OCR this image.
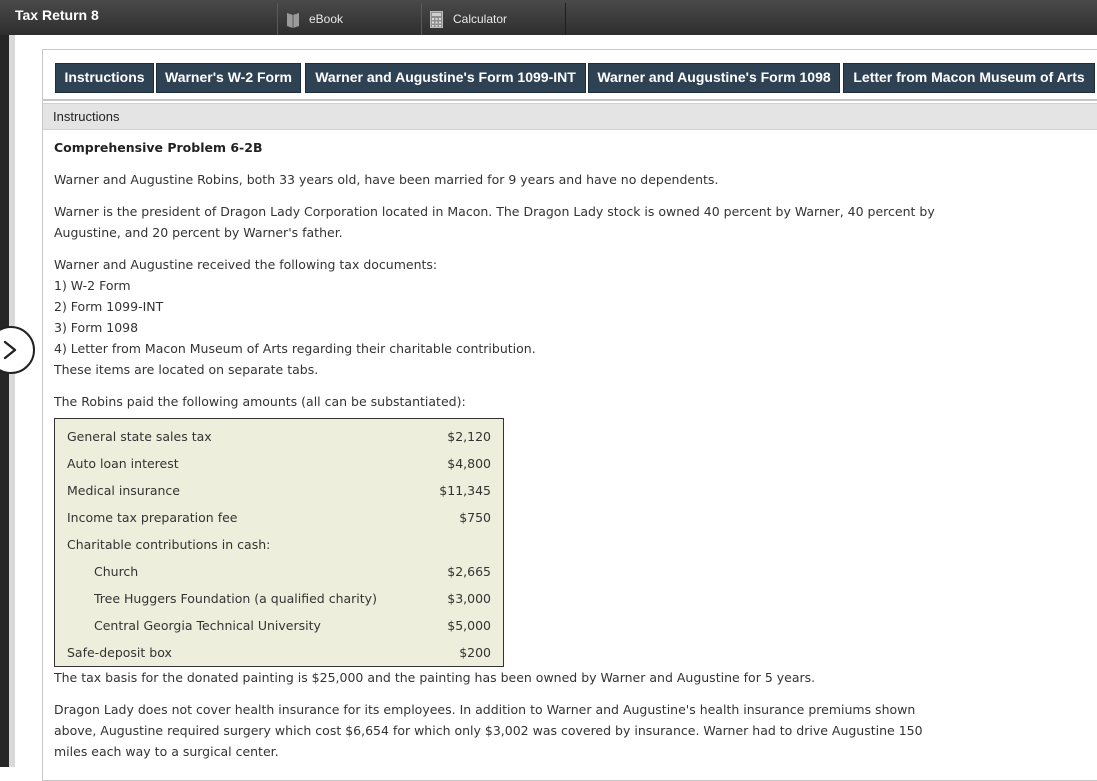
Tax Return 8	eBook	Calculator
Instructions	Warner's W-2 Form	Warner and Augustine's Form 1099-INT	Warner and Augustine's Form 1098	Letter from Macon Museum of Arts
Instructions

Comprehensive Problem 6-2B

Warner and Augustine Robins, both 33 years old, have been married for 9 years and have no dependents.

Warner is the president of Dragon Lady Corporation located in Macon. The Dragon Lady stock is owned 40 percent by Warner, 40 percent by Augustine, and 20 percent by Warner's father.

Warner and Augustine received the following tax documents:

1) W-2 Form

2) Form 1099-INT

3) Form 1098

4) Letter from Macon Museum of Arts regarding their charitable contribution.

These items are located on separate tabs.

The Robins paid the following amounts (all can be substantiated):

General state sales tax	$2,120
Auto loan interest	$4,800
Medical insurance	$11,345
Income tax preparation fee	$750
Charitable contributions in cash:
Church	$2,665
Tree Huggers Foundation (a qualified charity)	$3,000
Central Georgia Technical University	$5,000
Safe-deposit box	$200

The tax basis for the donated painting is $25,000 and the painting has been owned by Warner and Augustine for 5 years.

Dragon Lady does not cover health insurance for its employees. In addition to Warner and Augustine's health insurance premiums shown above, Augustine required surgery which cost $6,654 for which only $3,002 was covered by insurance. Warner had to drive Augustine 150 miles each way to a surgical center.
